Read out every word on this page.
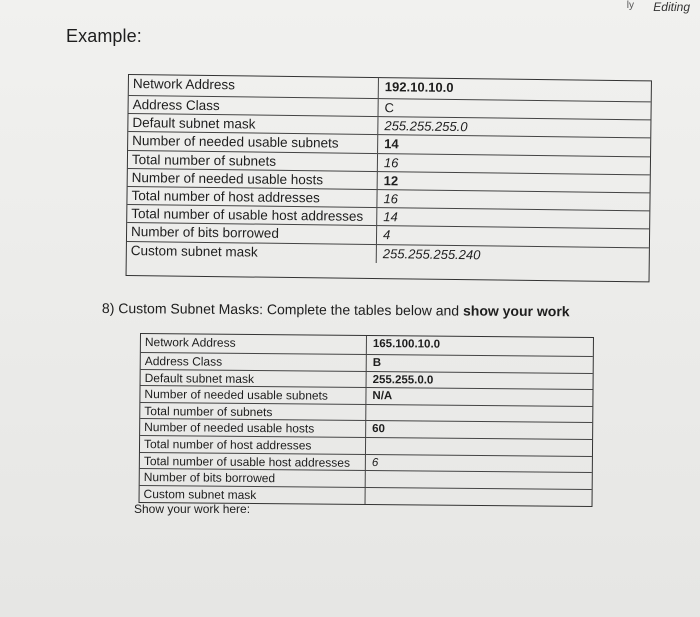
ly Editing
Example:
Network Address	192.10.10.0
Address Class	C
Default subnet mask	255.255.255.0
Number of needed usable subnets	14
Total number of subnets	16
Number of needed usable hosts	12
Total number of host addresses	16
Total number of usable host addresses 14
Number of bits borrowed	4
Custom subnet mask	255.255.255.240
8) Custom Subnet Masks: Complete the tables below and show your work
Network Address	165.100.10.0
Address Class	B
Default subnet mask	255.255.0.0
Number of needed usable subnets	N/A
Total number of subnets
Number of needed usable hosts	60
Total number of host addresses
Total number of usable host addresses 6
Number of bits borrowed
Custom subnet mask
Show your work here:
